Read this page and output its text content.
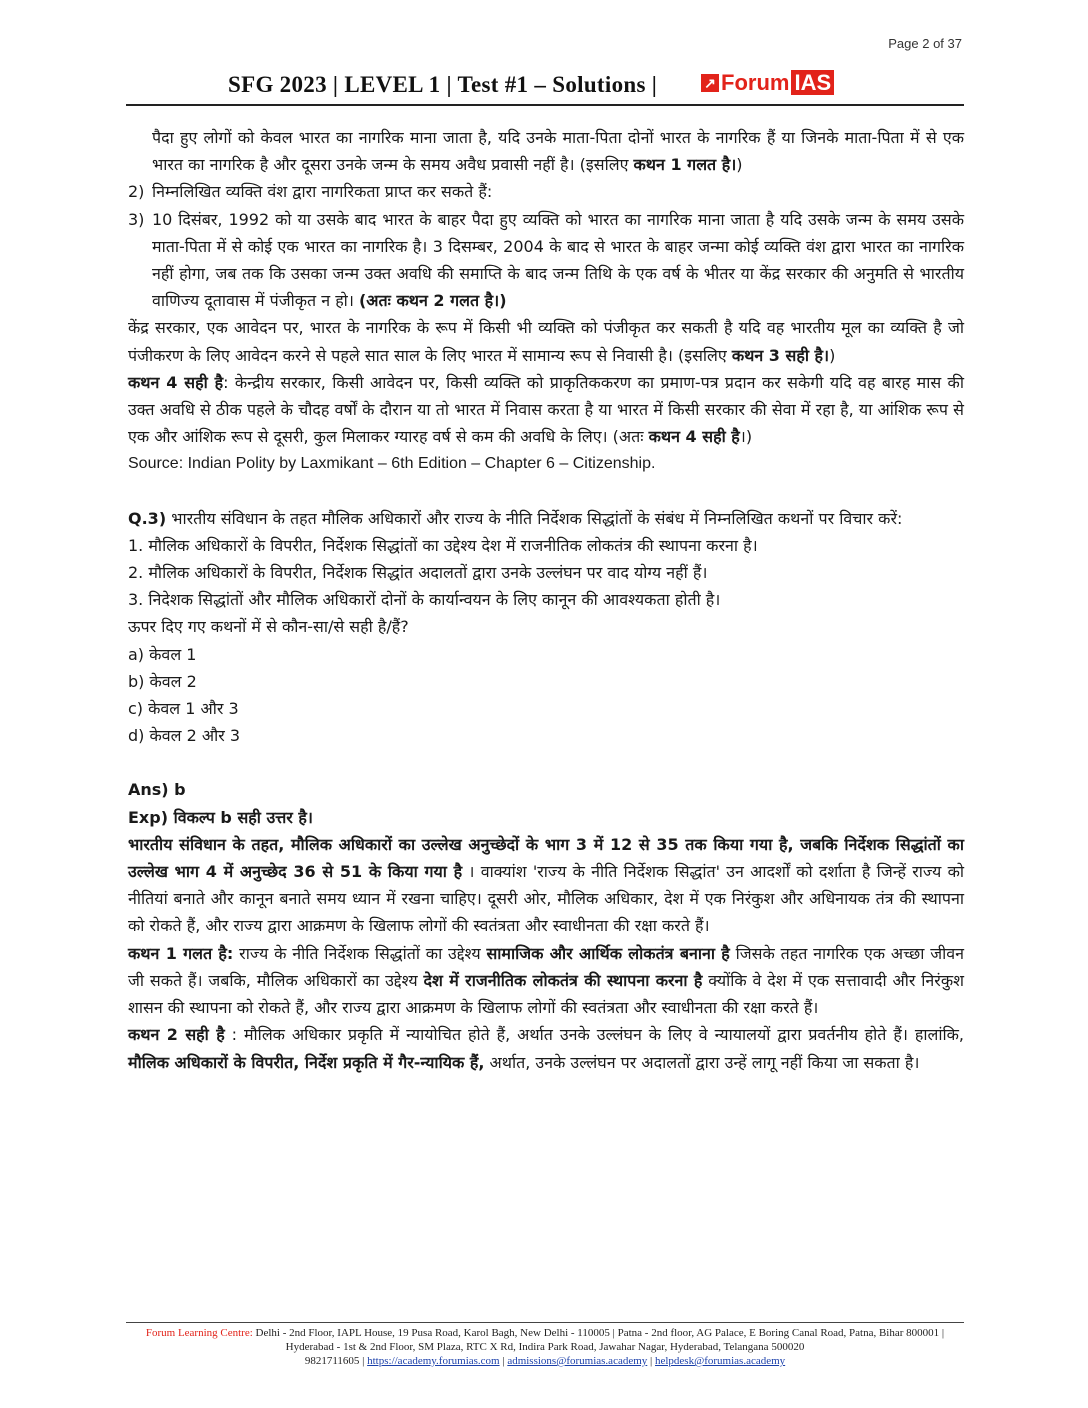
Page 2 of 37
SFG 2023 | LEVEL 1 | Test #1 – Solutions |	↗ Forum IAS

पैदा हुए लोगों को केवल भारत का नागरिक माना जाता है, यदि उनके माता-पिता दोनों भारत के नागरिक हैं या जिनके माता-पिता में से एक भारत का नागरिक है और दूसरा उनके जन्म के समय अवैध प्रवासी नहीं है। (इसलिए कथन 1 गलत है।)

2) निम्नलिखित व्यक्ति वंश द्वारा नागरिकता प्राप्त कर सकते हैं:

3) 10 दिसंबर, 1992 को या उसके बाद भारत के बाहर पैदा हुए व्यक्ति को भारत का नागरिक माना जाता है यदि उसके जन्म के समय उसके माता-पिता में से कोई एक भारत का नागरिक है। 3 दिसम्बर, 2004 के बाद से भारत के बाहर जन्मा कोई व्यक्ति वंश द्वारा भारत का नागरिक नहीं होगा, जब तक कि उसका जन्म उक्त अवधि की समाप्ति के बाद जन्म तिथि के एक वर्ष के भीतर या केंद्र सरकार की अनुमति से भारतीय वाणिज्य दूतावास में पंजीकृत न हो। (अतः कथन 2 गलत है।)

केंद्र सरकार, एक आवेदन पर, भारत के नागरिक के रूप में किसी भी व्यक्ति को पंजीकृत कर सकती है यदि वह भारतीय मूल का व्यक्ति है जो पंजीकरण के लिए आवेदन करने से पहले सात साल के लिए भारत में सामान्य रूप से निवासी है। (इसलिए कथन 3 सही है।)

कथन 4 सही है: केन्द्रीय सरकार, किसी आवेदन पर, किसी व्यक्ति को प्राकृतिककरण का प्रमाण-पत्र प्रदान कर सकेगी यदि वह बारह मास की उक्त अवधि से ठीक पहले के चौदह वर्षों के दौरान या तो भारत में निवास करता है या भारत में किसी सरकार की सेवा में रहा है, या आंशिक रूप से एक और आंशिक रूप से दूसरी, कुल मिलाकर ग्यारह वर्ष से कम की अवधि के लिए। (अतः कथन 4 सही है।)

Source: Indian Polity by Laxmikant – 6th Edition – Chapter 6 – Citizenship.

Q.3) भारतीय संविधान के तहत मौलिक अधिकारों और राज्य के नीति निर्देशक सिद्धांतों के संबंध में निम्नलिखित कथनों पर विचार करें:

1. मौलिक अधिकारों के विपरीत, निर्देशक सिद्धांतों का उद्देश्य देश में राजनीतिक लोकतंत्र की स्थापना करना है।

2. मौलिक अधिकारों के विपरीत, निर्देशक सिद्धांत अदालतों द्वारा उनके उल्लंघन पर वाद योग्य नहीं हैं।

3. निदेशक सिद्धांतों और मौलिक अधिकारों दोनों के कार्यान्वयन के लिए कानून की आवश्यकता होती है।

ऊपर दिए गए कथनों में से कौन-सा/से सही है/हैं?

a) केवल 1

b) केवल 2

c) केवल 1 और 3

d) केवल 2 और 3

Ans) b

Exp) विकल्प b सही उत्तर है।

भारतीय संविधान के तहत, मौलिक अधिकारों का उल्लेख अनुच्छेदों के भाग 3 में 12 से 35 तक किया गया है, जबकि निर्देशक सिद्धांतों का उल्लेख भाग 4 में अनुच्छेद 36 से 51 के किया गया है । वाक्यांश 'राज्य के नीति निर्देशक सिद्धांत' उन आदर्शों को दर्शाता है जिन्हें राज्य को नीतियां बनाते और कानून बनाते समय ध्यान में रखना चाहिए। दूसरी ओर, मौलिक अधिकार, देश में एक निरंकुश और अधिनायक तंत्र की स्थापना को रोकते हैं, और राज्य द्वारा आक्रमण के खिलाफ लोगों की स्वतंत्रता और स्वाधीनता की रक्षा करते हैं।

कथन 1 गलत है: राज्य के नीति निर्देशक सिद्धांतों का उद्देश्य सामाजिक और आर्थिक लोकतंत्र बनाना है जिसके तहत नागरिक एक अच्छा जीवन जी सकते हैं। जबकि, मौलिक अधिकारों का उद्देश्य देश में राजनीतिक लोकतंत्र की स्थापना करना है क्योंकि वे देश में एक सत्तावादी और निरंकुश शासन की स्थापना को रोकते हैं, और राज्य द्वारा आक्रमण के खिलाफ लोगों की स्वतंत्रता और स्वाधीनता की रक्षा करते हैं।

कथन 2 सही है : मौलिक अधिकार प्रकृति में न्यायोचित होते हैं, अर्थात उनके उल्लंघन के लिए वे न्यायालयों द्वारा प्रवर्तनीय होते हैं। हालांकि, मौलिक अधिकारों के विपरीत, निर्देश प्रकृति में गैर-न्यायिक हैं, अर्थात, उनके उल्लंघन पर अदालतों द्वारा उन्हें लागू नहीं किया जा सकता है।

Forum Learning Centre: Delhi - 2nd Floor, IAPL House, 19 Pusa Road, Karol Bagh, New Delhi - 110005 | Patna - 2nd floor, AG Palace, E Boring Canal Road, Patna, Bihar 800001 | Hyderabad - 1st & 2nd Floor, SM Plaza, RTC X Rd, Indira Park Road, Jawahar Nagar, Hyderabad, Telangana 500020
9821711605 | https://academy.forumias.com | admissions@forumias.academy | helpdesk@forumias.academy
